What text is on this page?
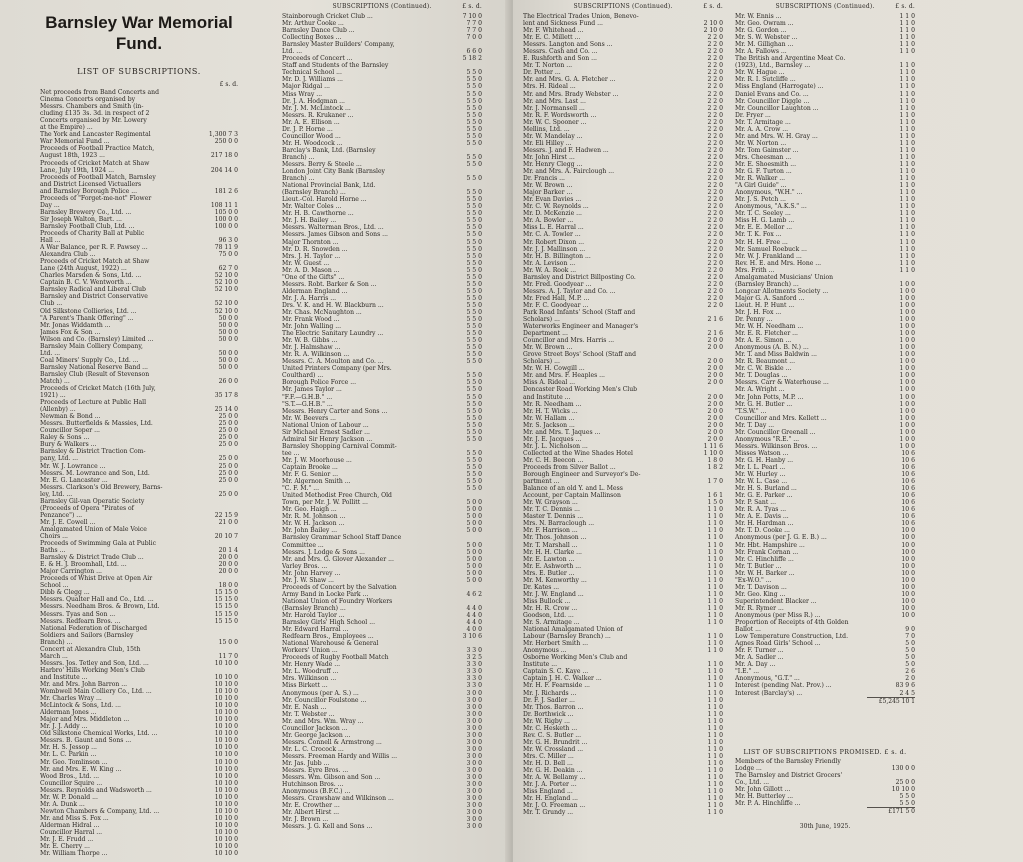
Barnsley War Memorial
Fund.
LIST OF SUBSCRIPTIONS.
£ s. d.
Net proceeds from Band Concerts and
Cinema Concerts organised by
Messrs. Chambers and Smith (in-
cluding £135 3s. 3d. in respect of 2
Concerts organised by Mr. Lowery
at the Empire) ...
The York and Lancaster Regimental	1,300 7 3
War Memorial Fund ...	250 0 0
Proceeds of Football Practice Match,
August 18th, 1923 ...	217 18 0
Proceeds of Cricket Match at Shaw
Lane, July 19th, 1924 ...	204 14 0
Proceeds of Football Match, Barnsley
and District Licensed Victuallers
and Barnsley Borough Police ...	181 2 6
Proceeds of "Forget-me-not" Flower
Day ...	108 11 1
Barnsley Brewery Co., Ltd. ...	105 0 0
Sir Joseph Walton, Bart. ...	100 0 0
Barnsley Football Club, Ltd. ...	100 0 0
Proceeds of Charity Ball at Public
Hall ...	96 3 0
A War Balance, per R. F. Pawsey ...	78 11 9
Alexandra Club ...	75 0 0
Proceeds of Cricket Match at Shaw
Lane (24th August, 1922) ...	62 7 0
Charles Marsden & Sons, Ltd. ...	52 10 0
Captain B. C. V. Wentworth ...	52 10 0
Barnsley Radical and Liberal Club	52 10 0
Barnsley and District Conservative
Club ...	52 10 0
Old Silkstone Collieries, Ltd. ...	52 10 0
"A Parent's Thank Offering" ...	50 0 0
Mr. Jonas Widdamth ...	50 0 0
James Fox & Son ...	50 0 0
Wilson and Co. (Barnsley) Limited ...	50 0 0
Barnsley Main Colliery Company,
Ltd. ...	50 0 0
Coal Miners' Supply Co., Ltd. ...	50 0 0
Barnsley National Reserve Band ...	50 0 0
Barnsley Club (Result of Stevenson
Match) ...	26 0 0
Proceeds of Cricket Match (16th July,
1921) ...	35 17 8
Proceeds of Lecture at Public Hall
(Allenby) ...	25 14 0
Newman & Bond ...	25 0 0
Messrs. Butterfields & Massies, Ltd.	25 0 0
Councillor Soper ...	25 0 0
Raley & Sons ...	25 0 0
Bury & Walkers ...	25 0 0
Barnsley & District Traction Com-
pany, Ltd. ...	25 0 0
Mr. W. J. Lowrance ...	25 0 0
Messrs. M. Lowrance and Son, Ltd.	25 0 0
Mr. E. G. Lancaster ...	25 0 0
Messrs. Clarkson's Old Brewery, Barns-
ley, Ltd. ...	25 0 0
Barnsley Gil-van Operatic Society
(Proceeds of Opera "Pirates of
Penzance") ...	22 15 9
Mr. J. E. Cowell ...	21 0 0
Amalgamated Union of Male Voice
Choirs ...	20 10 7
Proceeds of Swimming Gala at Public
Baths ...	20 1 4
Barnsley & District Trade Club ...	20 0 0
E. & H. J. Broomhall, Ltd. ...	20 0 0
Major Carrington ...	20 0 0
Proceeds of Whist Drive at Open Air
School ...	18 0 0
Dibb & Clegg ...	15 15 0
Messrs. Qualter Hall and Co., Ltd. ...	15 15 0
Messrs. Needham Bros. & Brown, Ltd.	15 15 0
Messrs. Tyas and Son ...	15 15 0
Messrs. Redfearn Bros. ...	15 15 0
National Federation of Discharged
Soldiers and Sailors (Barnsley
Branch) ...	15 0 0
Concert at Alexandra Club, 15th
March ...	11 7 0
Messrs. Jos. Tetley and Son, Ltd. ...	10 10 0
Harbro' Hills Working Men's Club
and Institute ...	10 10 0
Mr. and Mrs. John Barron ...	10 10 0
Wombwell Main Colliery Co., Ltd. ...	10 10 0
Mr. Charles Wray ...	10 10 0
McLintock & Sons, Ltd. ...	10 10 0
Alderman Jones ...	10 10 0
Major and Mrs. Middleton ...	10 10 0
Mr. J. J. Addy ...	10 10 0
Old Silkstone Chemical Works, Ltd. ...	10 10 0
Messrs. B. Gaunt and Sons ...	10 10 0
Mr. H. S. Jessop ...	10 10 0
Mr. L. C. Parkin ...	10 10 0
Mr. Geo. Tomlinson ...	10 10 0
Mr. and Mrs. E. W. King ...	10 10 0
Wood Bros., Ltd. ...	10 10 0
Councillor Squire ...	10 10 0
Messrs. Reynolds and Wadsworth ...	10 10 0
Mr. W. P. Donald ...	10 10 0
Mr. A. Dunk ...	10 10 0
Newton Chambers & Company, Ltd. ...	10 10 0
Mr. and Miss S. Fox ...	10 10 0
Alderman Hidral ...	10 10 0
Councillor Harral ...	10 10 0
Mr. J. E. Frudd ...	10 10 0
Mr. E. Cherry ...	10 10 0
Mr. William Thorpe ...	10 10 0
SUBSCRIPTIONS (Continued).	£ s. d.
Stainborough Cricket Club ...	7 10 0
Mr. Arthur Cooke ...	7 7 0
Barnsley Dance Club ...	7 7 0
Collecting Boxes ...	7 0 0
Barnsley Master Builders' Company,
Ltd. ...	6 6 0
Proceeds of Concert ...	5 18 2
Staff and Students of the Barnsley
Technical School ...	5 5 0
Mr. D. J. Williams ...	5 5 0
Major Ridgal ...	5 5 0
Miss Wray ...	5 5 0
Dr. J. A. Hodgman ...	5 5 0
Mr. J. M. McLintock ...	5 5 0
Messrs. R. Krukaner ...	5 5 0
Mr. A. E. Ellison ...	5 5 0
Dr. J. P. Horne ...	5 5 0
Councillor Wood ...	5 5 0
Mr. H. Woodcock ...	5 5 0
Barclay's Bank, Ltd. (Barnsley
Branch) ...	5 5 0
Messrs. Berry & Steele ...	5 5 0
London Joint City Bank (Barnsley
Branch) ...	5 5 0
National Provincial Bank, Ltd.
(Barnsley Branch) ...	5 5 0
Lieut.-Col. Harold Horne ...	5 5 0
Mr. Walter Coles ...	5 5 0
Mr. H. B. Cawthorne ...	5 5 0
Mr. J. H. Bailey ...	5 5 0
Messrs. Walterman Bros., Ltd. ...	5 5 0
Messrs. James Gibson and Sons ...	5 5 0
Major Thornton ...	5 5 0
Mr. D. R. Snowden ...	5 5 0
Mrs. J. H. Taylor ...	5 5 0
Mr. W. Guest ...	5 5 0
Mr. A. D. Mason ...	5 5 0
"One of the Gifts" ...	5 5 0
Messrs. Robt. Barker & Son ...	5 5 0
Alderman England ...	5 5 0
Mr. J. A. Harris ...	5 5 0
Drs. V. K. and H. W. Blackburn ...	5 5 0
Mr. Chas. McNaughton ...	5 5 0
Mr. Frank Wood ...	5 5 0
Mr. John Walling ...	5 5 0
The Electric Sanitary Laundry ...	5 5 0
Mr. W. B. Gibbs ...	5 5 0
Mr. J. Halmshaw ...	5 5 0
Mr. R. A. Wilkinson ...	5 5 0
Messrs. C. A. Moulton and Co. ...	5 5 0
United Printers Company (per Mrs.
Coulthard) ...	5 5 0
Borough Police Force ...	5 5 0
Mr. James Taylor ...	5 5 0
"F.F.—G.H.B." ...	5 5 0
"S.T.—G.H.B." ...	5 5 0
Messrs. Henry Carter and Sons ...	5 5 0
Mr. W. Beevers ...	5 5 0
National Union of Labour ...	5 5 0
Sir Michael Ernest Sadler ...	5 5 0
Admiral Sir Henry Jackson ...	5 5 0
Barnsley Shopping Carnival Commit-
tee ...	5 5 0
Mr. J. W. Moorhouse ...	5 5 0
Captain Brooke ...	5 5 0
Mr. F. G. Senior ...	5 5 0
Mr. Algernon Smith ...	5 5 0
"C. F. M." ...	5 5 0
United Methodist Free Church, Old
Town, per Mr. J. W. Pollitt ...	5 0 0
Mr. Geo. Haigh ...	5 0 0
Mr. R. M. Johnson ...	5 0 0
Mr. W. H. Jackson ...	5 0 0
Mr. John Bailey ...	5 0 0
Barnsley Grammar School Staff Dance
Committee ...	5 0 0
Messrs. J. Lodge & Sons ...	5 0 0
Mr. and Mrs. G. Glover Alexander ...	5 0 0
Varley Bros. ...	5 0 0
Mr. John Harvey ...	5 0 0
Mr. J. W. Shaw ...	5 0 0
Proceeds of Concert by the Salvation
Army Band in Locke Park ...	4 6 2
National Union of Foundry Workers
(Barnsley Branch) ...	4 4 0
Mr. Harold Taylor ...	4 4 0
Barnsley Girls' High School ...	4 4 0
Mr. Edward Harral ...	4 0 0
Redfearn Bros., Employees ...	3 10 6
National Warehouse & General
Workers' Union ...	3 3 0
Proceeds of Rugby Football Match	3 2 5
Mr. Henry Wade ...	3 3 0
Mr. L. Woodruff ...	3 3 0
Mrs. Wilkinson ...	3 3 0
Miss Birkett ...	3 3 0
Anonymous (per A. S.) ...	3 0 0
Mr. Councillor Foulstone ...	3 0 0
Mr. E. Nash ...	3 0 0
Mr. T. Webster ...	3 0 0
Mr. and Mrs. Wm. Wray ...	3 0 0
Councillor Jackson ...	3 0 0
Mr. George Jackson ...	3 0 0
Messrs. Connell & Armstrong ...	3 0 0
Mr. L. C. Crocock ...	3 0 0
Messrs. Freeman Hardy and Willis ...	3 0 0
Mr. Jas. Jubb ...	3 0 0
Messrs. Eyre Bros. ...	3 0 0
Messrs. Wm. Gibson and Son ...	3 0 0
Hutchinson Bros. ...	3 0 0
Anonymous (B.F.C.) ...	3 0 0
Messrs. Crawshaw and Wilkinson ...	3 0 0
Mr. E. Crowther ...	3 0 0
Mr. Albert Hirst ...	3 0 0
Mr. J. Brown ...	3 0 0
Messrs. J. G. Kell and Sons ...	3 0 0
SUBSCRIPTIONS (Continued).	£ s. d.
The Electrical Trades Union, Benevo-
lent and Sickness Fund ...	2 10 0
Mr. F. Whitehead ...	2 10 0
Mr. E. C. Millett ...	2 2 0
Messrs. Langton and Sons ...	2 2 0
Messrs. Cash and Co. ...	2 2 0
E. Rushforth and Son ...	2 2 0
Mr. T. Norton ...	2 2 0
Dr. Potter ...	2 2 0
Mr. and Mrs. G. A. Fletcher ...	2 2 0
Mrs. H. Rideal ...	2 2 0
Mr. and Mrs. Brady Webster ...	2 2 0
Mr. and Mrs. Last ...	2 2 0
Mr. J. Normansell ...	2 2 0
Mr. R. F. Wordsworth ...	2 2 0
Mr. W. C. Spooner ...	2 2 0
Mellins, Ltd. ...	2 2 0
Mr. W. Mandelay ...	2 2 0
Mr. Eli Hilley ...	2 2 0
Messrs. J. and F. Hadwen ...	2 2 0
Mr. John Hirst ...	2 2 0
Mr. Henry Clegg ...	2 2 0
Mr. and Mrs. A. Fairclough ...	2 2 0
Dr. Francis ...	2 2 0
Mr. W. Brown ...	2 2 0
Major Barker ...	2 2 0
Mr. Evan Davies ...	2 2 0
Mr. C. W. Reynolds ...	2 2 0
Mr. D. McKenzie ...	2 2 0
Mr. A. Bowler ...	2 2 0
Miss L. E. Harral ...	2 2 0
Mr. C. A. Towler ...	2 2 0
Mr. Robert Dixon ...	2 2 0
Mr. J. J. Mallinson ...	2 2 0
Mr. H. B. Billington ...	2 2 0
Mr. A. Levison ...	2 2 0
Mr. W. A. Rook ...	2 2 0
Barnsley and District Billposting Co.	2 2 0
Mr. Fred. Goodyear ...	2 2 0
Messrs. A. J. Taylor and Co. ...	2 2 0
Mr. Fred Hall, M.P. ...	2 2 0
Mr. F. C. Goodyear ...	2 2 0
Park Road Infants' School (Staff and
Scholars) ...	2 1 6
Waterworks Engineer and Manager's
Department ...	2 1 6
Councillor and Mrs. Harris ...	2 0 0
Mr. W. Brown ...	2 0 0
Grove Street Boys' School (Staff and
Scholars) ...	2 0 0
Mr. W. H. Cowgill ...	2 0 0
Mr. and Mrs. F. Heaples ...	2 0 0
Miss A. Rideal ...	2 0 0
Doncaster Road Working Men's Club
and Institute ...	2 0 0
Mr. R. Needham ...	2 0 0
Mr. H. T. Wicks ...	2 0 0
Mr. W. Hallam ...	2 0 0
Mr. S. Jackson ...	2 0 0
Mr. and Mrs. T. Jaques ...	2 0 0
Mr. J. E. Jacques ...	2 0 0
Mr. J. L. Nicholson ...	1 11 6
Collected at the Wine Shades Hotel	1 10 0
Mr. C. H. Beecon ...	1 8 0
Proceeds from Silver Ballot ...	1 8 2
Borough Engineer and Surveyor's De-
partment ...	1 7 0
Balance of an old Y. and L. Mess
Account, per Captain Mallinson	1 6 1
Mr. W. Grayson ...	1 5 0
Mr. T. C. Dennis ...	1 1 0
Master T. Dennis ...	1 1 0
Mrs. N. Barraclough ...	1 1 0
Mr. F. Harrison ...	1 1 0
Mr. Thos. Johnson ...	1 1 0
Mr. T. Marshall ...	1 1 0
Mr. H. H. Clarke ...	1 1 0
Mr. E. Lawton ...	1 1 0
Mr. E. Ashworth ...	1 1 0
Mrs. E. Butler ...	1 1 0
Mr. M. Kenworthy ...	1 1 0
Dr. Kates ...	1 1 0
Mr. J. W. England ...	1 1 0
Miss Bullock ...	1 1 0
Mr. H. R. Crow ...	1 1 0
Goodson, Ltd. ...	1 1 0
Mr. S. Armitage ...	1 1 0
National Amalgamated Union of
Labour (Barnsley Branch) ...	1 1 0
Mr. Herbert Smith ...	1 1 0
Anonymous ...	1 1 0
Osborne Working Men's Club and
Institute ...	1 1 0
Captain S. C. Kaye ...	1 1 0
Captain J. H. C. Walker ...	1 1 0
Mr. H. F. Fearnside ...	1 1 0
Mr. J. Richards ...	1 1 0
Dr. F. J. Sadler ...	1 1 0
Mr. Thos. Barron ...	1 1 0
Dr. Borthwick ...	1 1 0
Mr. W. Rigby ...	1 1 0
Mr. C. Hesketh ...	1 1 0
Rev. C. S. Butler ...	1 1 0
Mr. G. H. Brundrit ...	1 1 0
Mr. W. Crossland ...	1 1 0
Mrs. C. Miller ...	1 1 0
Mr. H. D. Bell ...	1 1 0
Mr. G. H. Deakin ...	1 1 0
Mr. A. W. Bellamy ...	1 1 0
Mr. J. A. Porter ...	1 1 0
Miss England ...	1 1 0
Mr. H. England ...	1 1 0
Mr. J. O. Freeman ...	1 1 0
Mr. T. Grundy ...	1 1 0
SUBSCRIPTIONS (Continued).	£ s. d.
Mr. W. Ennis ...	1 1 0
Mr. Geo. Owram ...	1 1 0
Mr. G. Gordon ...	1 1 0
Mr. S. W. Webster ...	1 1 0
Mr. M. Gillighan ...	1 1 0
Mr. A. Fallows ...	1 1 0
The British and Argentine Meat Co.
(1923), Ltd., Barnsley ...	1 1 0
Mr. W. Hague ...	1 1 0
Mr. R. I. Sutcliffe ...	1 1 0
Miss England (Harrogate) ...	1 1 0
Daniel Evans and Co. ...	1 1 0
Mr. Councillor Diggle ...	1 1 0
Mr. Councillor Laughton ...	1 1 0
Dr. Fryer ...	1 1 0
Mr. T. Armitage ...	1 1 0
Mr. A. A. Crow ...	1 1 0
Mr. and Mrs. W. H. Gray ...	1 1 0
Mr. W. Norton ...	1 1 0
Mr. Tom Gaimster ...	1 1 0
Mrs. Cheesman ...	1 1 0
Mr. E. Shoesmith ...	1 1 0
Mr. G. F. Turton ...	1 1 0
Mr. R. Walker ...	1 1 0
"A Girl Guide" ...	1 1 0
Anonymous, "W.H." ...	1 1 0
Mr. J. S. Petch ...	1 1 0
Anonymous, "A.K.S." ...	1 1 0
Mr. T. C. Seeley ...	1 1 0
Miss H. G. Lamb ...	1 1 0
Mr. E. E. Mellor ...	1 1 0
Mr. T. K. Fox ...	1 1 0
Mr. H. H. Free ...	1 1 0
Mr. Samuel Roebuck ...	1 1 0
Mr. W. J. Frankland ...	1 1 0
Rev. H. E. and Mrs. Hone ...	1 1 0
Mrs. Frith ...	1 1 0
Amalgamated Musicians' Union
(Barnsley Branch) ...	1 0 0
Longcar Allotments Society ...	1 0 0
Major G. A. Sanford ...	1 0 0
Lieut. H. P. Hunt ...	1 0 0
Mr. J. H. Fox ...	1 0 0
Dr. Penny ...	1 0 0
Mr. W. H. Needham ...	1 0 0
Mr. E. R. Fletcher ...	1 0 0
Mr. A. E. Simon ...	1 0 0
Anonymous (A. B. N.) ...	1 0 0
Mr. T. and Miss Baldwin ...	1 0 0
Mr. R. Beaumont ...	1 0 0
Mr. C. W. Biskle ...	1 0 0
Mr. T. Douglas ...	1 0 0
Messrs. Carr & Waterhouse ...	1 0 0
Mr. A. Wright ...	1 0 0
Mr. John Potts, M.P. ...	1 0 0
Mr. G. H. Butler ...	1 0 0
"T.S.W." ...	1 0 0
Councillor and Mrs. Kellett ...	1 0 0
Mr. T. Day ...	1 0 0
Mr. Councillor Greenall ...	1 0 0
Anonymous "R.E." ...	1 0 0
Messrs. Wilkinson Bros. ...	1 0 0
Misses Watson ...	10 6
Mr. G. H. Hanby ...	10 6
Mr. I. L. Pearl ...	10 6
Mr. W. Hurley ...	10 6
Mr. W. L. Case ...	10 6
Mr. H. S. Burland ...	10 6
Mr. G. E. Parker ...	10 6
Mr. P. Sant ...	10 6
Mr. R. A. Tyas ...	10 6
Mr. A. E. Davis ...	10 6
Mr. H. Hardman ...	10 6
Mr. T. D. Cooke ...	10 0
Anonymous (per J. G. E. B.) ...	10 0
Mr. Hbt. Hampshire ...	10 0
Mr. Frank Cornan ...	10 0
Mr. C. Hinchliffe ...	10 0
Mr. T. Butler ...	10 0
Mr. W. H. Barker ...	10 0
"Ex-W.O." ...	10 0
Mr. T. Davison ...	10 0
Mr. Geo. King ...	10 0
Superintendent Blacker ...	10 0
Mr. R. Rymer ...	10 0
Anonymous (per Miss R.) ...	10 0
Proportion of Receipts of 4th Golden
Ballot ...	9 0
Low Temperature Construction, Ltd.	7 0
Agnes Road Girls' School ...	5 0
Mr. F. Turner ...	5 0
Mr. A. Sadler ...	5 0
Mr. A. Day ...	5 0
"I.E." ...	2 6
Anonymous, "G.T." ...	2 0
Interest (pending Nat. Prov.) ...	83 9 6
Interest (Barclay's) ...	2 4 5
£5,245 10 1
LIST OF SUBSCRIPTIONS PROMISED. £ s. d.
Members of the Barnsley Friendly
Lodge ...	130 0 0
The Barnsley and District Grocers'
Co., Ltd. ...	25 0 0
Mr. John Gillott ...	10 10 0
Mr. H. Butterley ...	5 5 0
Mr. P. A. Hinchliffe ...	5 5 0
£171 5 0
30th June, 1925.
